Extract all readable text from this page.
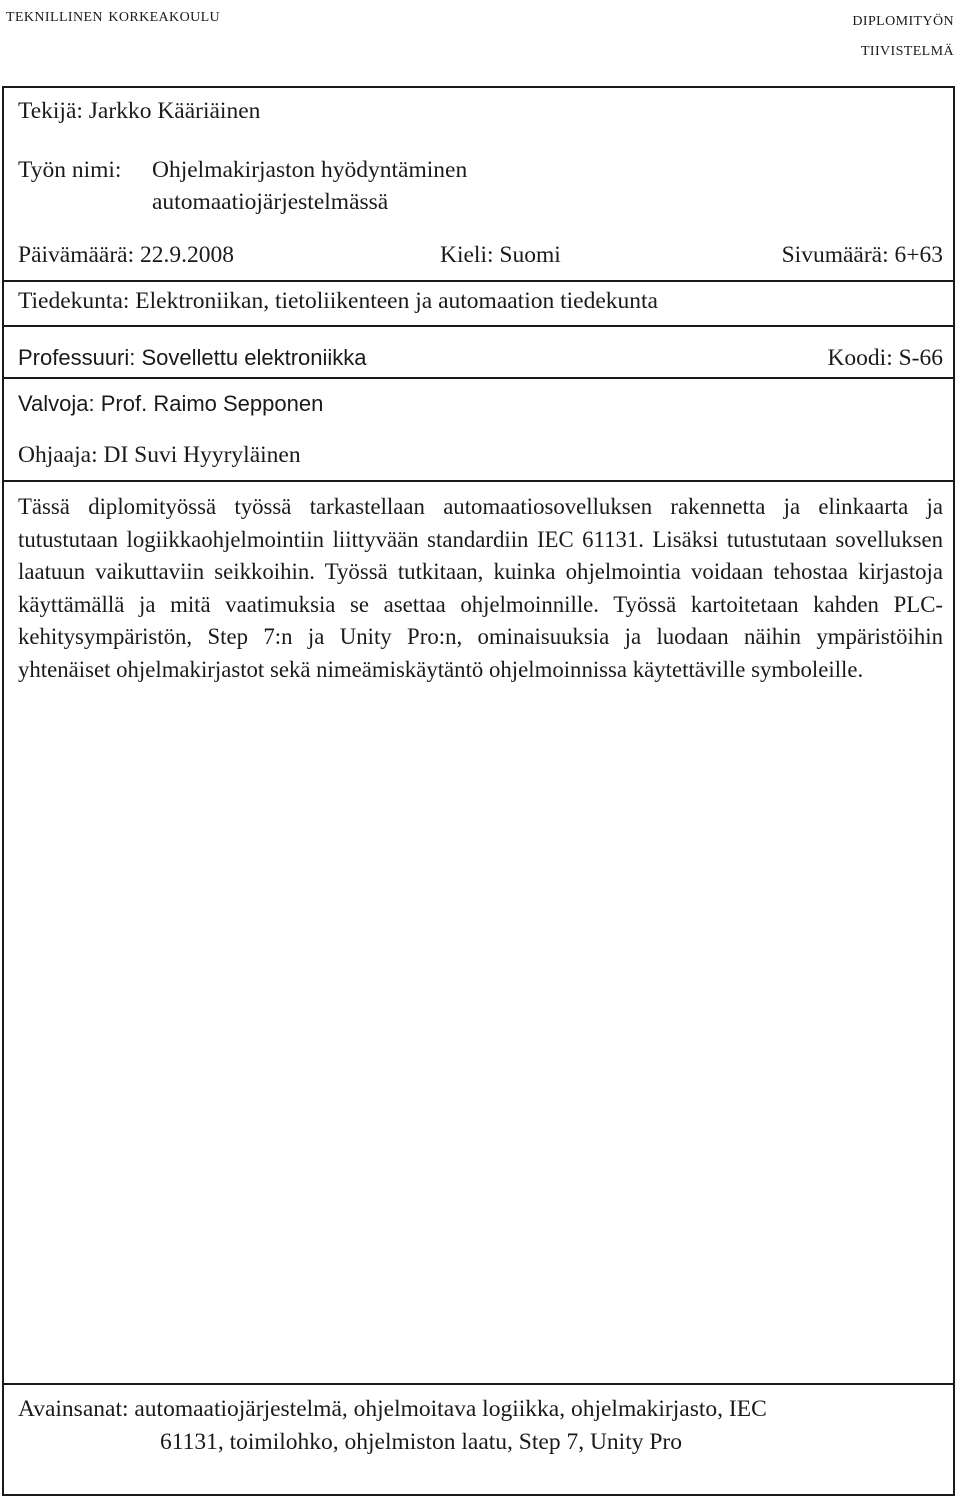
teknillinen korkeakoulu	diplomityön
tiivistelmä
Tekijä: Jarkko Kääriäinen
Työn nimi: Ohjelmakirjaston hyödyntäminen
automaatiojärjestelmässä
Päivämäärä: 22.9.2008	Kieli: Suomi	Sivumäärä: 6+63
Tiedekunta: Elektroniikan, tietoliikenteen ja automaation tiedekunta
Professuuri: Sovellettu elektroniikka	Koodi: S-66
Valvoja: Prof. Raimo Sepponen
Ohjaaja: DI Suvi Hyyryläinen
Tässä diplomityössä työssä tarkastellaan automaatiosovelluksen rakennetta ja elinkaarta ja tutustutaan logiikkaohjelmointiin liittyvään standardiin IEC 61131. Lisäksi tutustutaan sovelluksen laatuun vaikuttaviin seikkoihin. Työssä tutkitaan, kuinka ohjelmointia voidaan tehostaa kirjastoja käyttämällä ja mitä vaatimuksia se asettaa ohjelmoinnille. Työssä kartoitetaan kahden PLC-kehitysympäristön, Step 7:n ja Unity Pro:n, ominaisuuksia ja luodaan näihin ympäristöihin yhtenäiset ohjelmakirjastot sekä nimeämiskäytäntö ohjelmoinnissa käytettäville symboleille.
Avainsanat: automaatiojärjestelmä, ohjelmoitava logiikka, ohjelmakirjasto, IEC
61131, toimilohko, ohjelmiston laatu, Step 7, Unity Pro
